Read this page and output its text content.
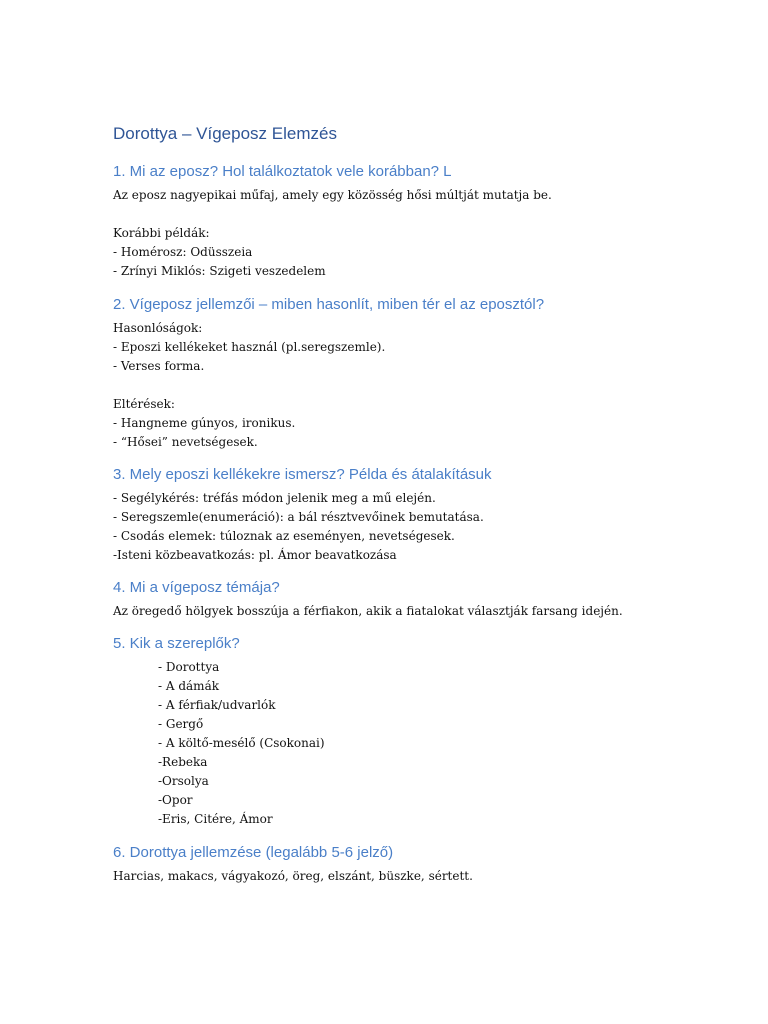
Dorottya – Vígeposz Elemzés
1. Mi az eposz? Hol találkoztatok vele korábban? L
Az eposz nagyepikai műfaj, amely egy közösség hősi múltját mutatja be.
Korábbi példák:
- Homérosz: Odüsszeia
- Zrínyi Miklós: Szigeti veszedelem
2. Vígeposz jellemzői – miben hasonlít, miben tér el az eposztól?
Hasonlóságok:
- Eposzi kellékeket használ (pl.seregszemle).
- Verses forma.
Eltérések:
- Hangneme gúnyos, ironikus.
- “Hősei” nevetségesek.
3. Mely eposzi kellékekre ismersz? Példa és átalakításuk
- Segélykérés: tréfás módon jelenik meg a mű elején.
- Seregszemle(enumeráció): a bál résztvevőinek bemutatása.
- Csodás elemek: túloznak az eseményen, nevetségesek.
-Isteni közbeavatkozás: pl. Ámor beavatkozása
4. Mi a vígeposz témája?
Az öregedő hölgyek bosszúja a férfiakon, akik a fiatalokat választják farsang idején.
5. Kik a szereplők?
- Dorottya
- A dámák
- A férfiak/udvarlók
- Gergő
- A költő-mesélő (Csokonai)
-Rebeka
-Orsolya
-Opor
-Eris, Citére, Ámor
6. Dorottya jellemzése (legalább 5-6 jelző)
Harcias, makacs, vágyakozó, öreg, elszánt, büszke, sértett.
